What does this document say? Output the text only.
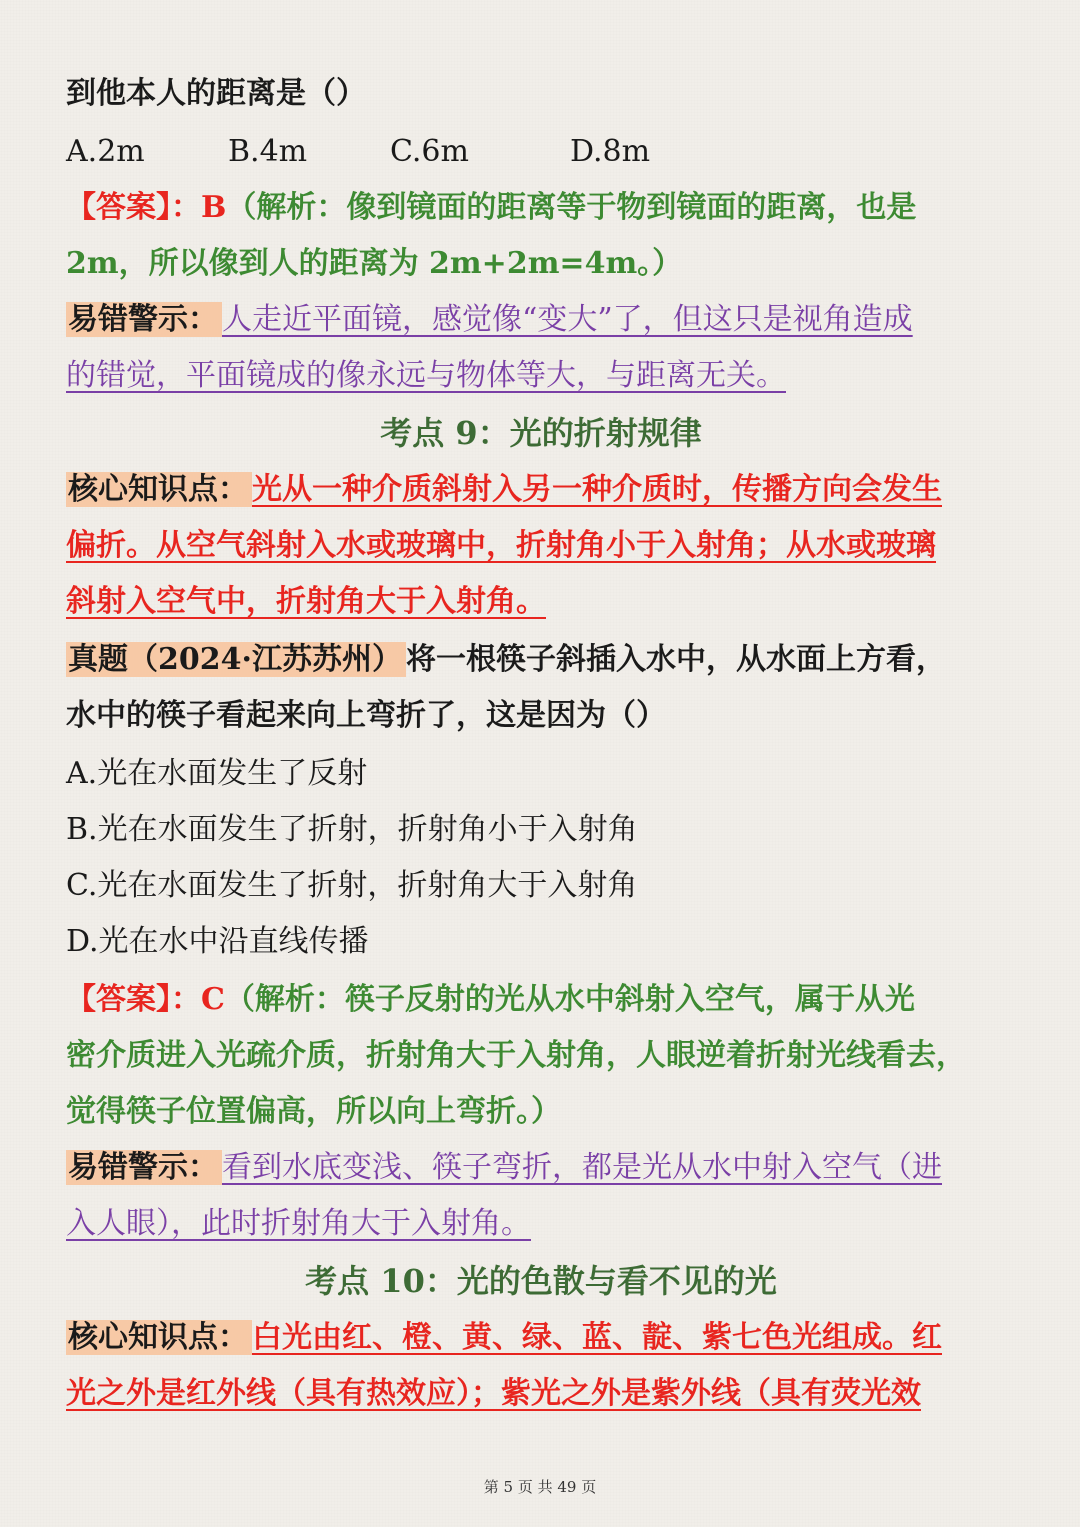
到他本人的距离是（）
A.2m	B.4m	C.6m	D.8m
【答案】：B（解析：像到镜面的距离等于物到镜面的距离，也是
2m，所以像到人的距离为 2m+2m=4m。）
易错警示： 人走近平面镜，感觉像“变大”了，但这只是视角造成
的错觉，平面镜成的像永远与物体等大，与距离无关。
考点 9：光的折射规律
核心知识点： 光从一种介质斜射入另一种介质时，传播方向会发生
偏折。从空气斜射入水或玻璃中，折射角小于入射角；从水或玻璃
斜射入空气中，折射角大于入射角。
真题（2024·江苏苏州） 将一根筷子斜插入水中，从水面上方看，
水中的筷子看起来向上弯折了，这是因为（）
A.光在水面发生了反射
B.光在水面发生了折射，折射角小于入射角
C.光在水面发生了折射，折射角大于入射角
D.光在水中沿直线传播
【答案】：C（解析：筷子反射的光从水中斜射入空气，属于从光
密介质进入光疏介质，折射角大于入射角，人眼逆着折射光线看去，
觉得筷子位置偏高，所以向上弯折。）
易错警示： 看到水底变浅、筷子弯折，都是光从水中射入空气（进
入人眼），此时折射角大于入射角。
考点 10：光的色散与看不见的光
核心知识点： 白光由红、橙、黄、绿、蓝、靛、紫七色光组成。红
光之外是红外线（具有热效应）；紫光之外是紫外线（具有荧光效
第 5 页 共 49 页
